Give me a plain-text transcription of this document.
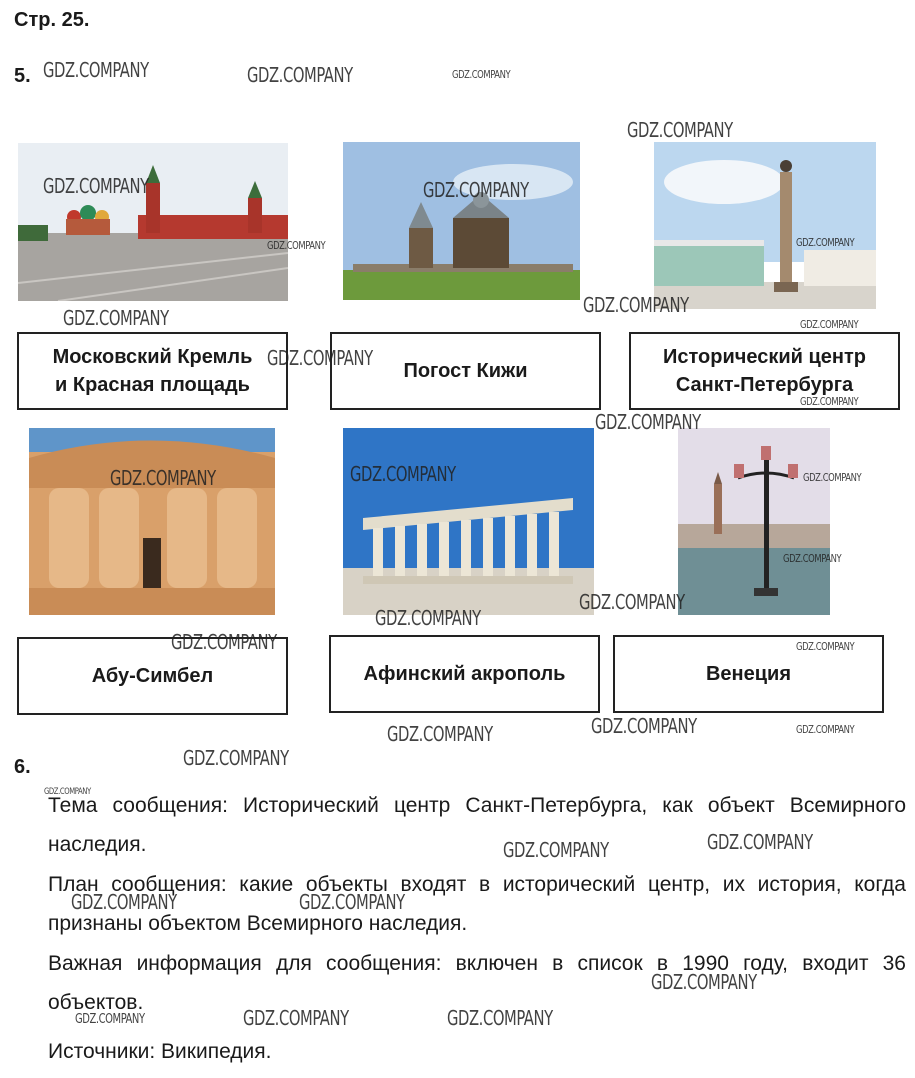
Стр. 25.
5.
Московский Кремль
и Красная площадь
Погост Кижи
Исторический центр
Санкт-Петербурга
Абу-Симбел	Афинский акрополь	Венеция
6.
Тема сообщения: Исторический центр Санкт-Петербурга, как объект Всемирного наследия.
План сообщения: какие объекты входят в исторический центр, их история, когда признаны объектом Всемирного наследия.
Важная информация для сообщения: включен в список в 1990 году, входит 36 объектов.
Источники: Википедия.
GDZ.COMPANY	GDZ.COMPANY	GDZ.COMPANY
GDZ.COMPANY
GDZ.COMPANY	GDZ.COMPANY
GDZ.COMPANY	GDZ.COMPANY
GDZ.COMPANY
GDZ.COMPANY	GDZ.COMPANY
GDZ.COMPANY
GDZ.COMPANY
GDZ.COMPANY
GDZ.COMPANY
GDZ.COMPANY	GDZ.COMPANY
GDZ.COMPANY
GDZ.COMPANY
GDZ.COMPANY
GDZ.COMPANY	GDZ.COMPANY
GDZ.COMPANY	GDZ.COMPANY
GDZ.COMPANY
GDZ.COMPANY
GDZ.COMPANY
GDZ.COMPANY
GDZ.COMPANY
GDZ.COMPANY	GDZ.COMPANY
GDZ.COMPANY
GDZ.COMPANY	GDZ.COMPANY	GDZ.COMPANY
